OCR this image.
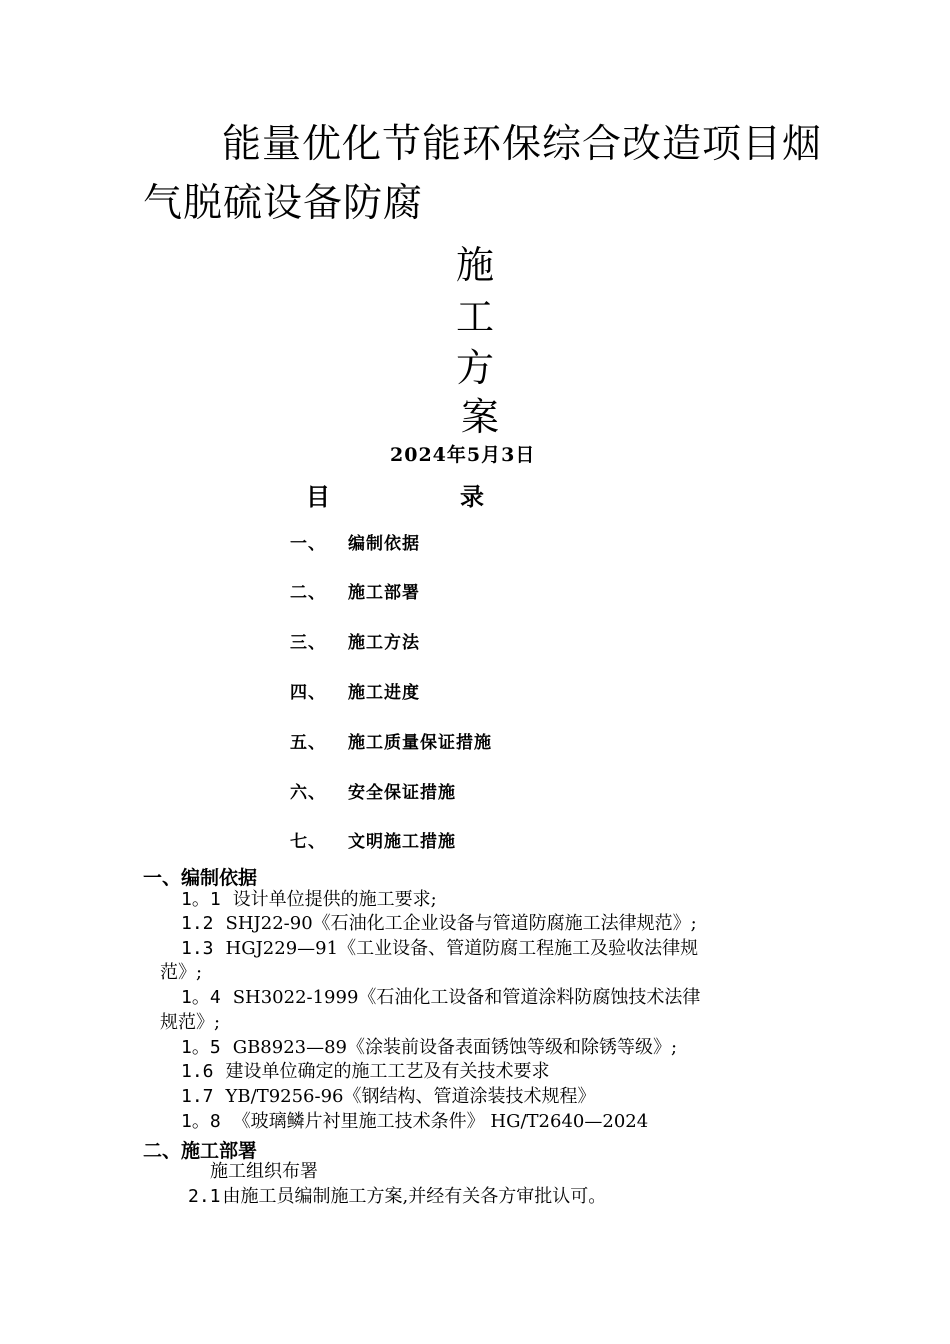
能量优化节能环保综合改造项目烟
气脱硫设备防腐
施
工
方
案
2024年5月3日
目	录
一、 编制依据
二、 施工部署
三、 施工方法
四、 施工进度
五、 施工质量保证措施
六、 安全保证措施
七、 文明施工措施
一、编制依据
1。1 设计单位提供的施工要求;
1.2 SHJ22-90《石油化工企业设备与管道防腐施工法律规范》;
1.3 HGJ229—91《工业设备、管道防腐工程施工及验收法律规
范》;
1。4 SH3022-1999《石油化工设备和管道涂料防腐蚀技术法律
规范》;
1。5 GB8923—89《涂装前设备表面锈蚀等级和除锈等级》;
1.6 建设单位确定的施工工艺及有关技术要求
1.7 YB/T9256-96《钢结构、管道涂装技术规程》
1。8 《玻璃鳞片衬里施工技术条件》 HG/T2640—2024
二、施工部署
施工组织布署
2.1 由施工员编制施工方案,并经有关各方审批认可。
